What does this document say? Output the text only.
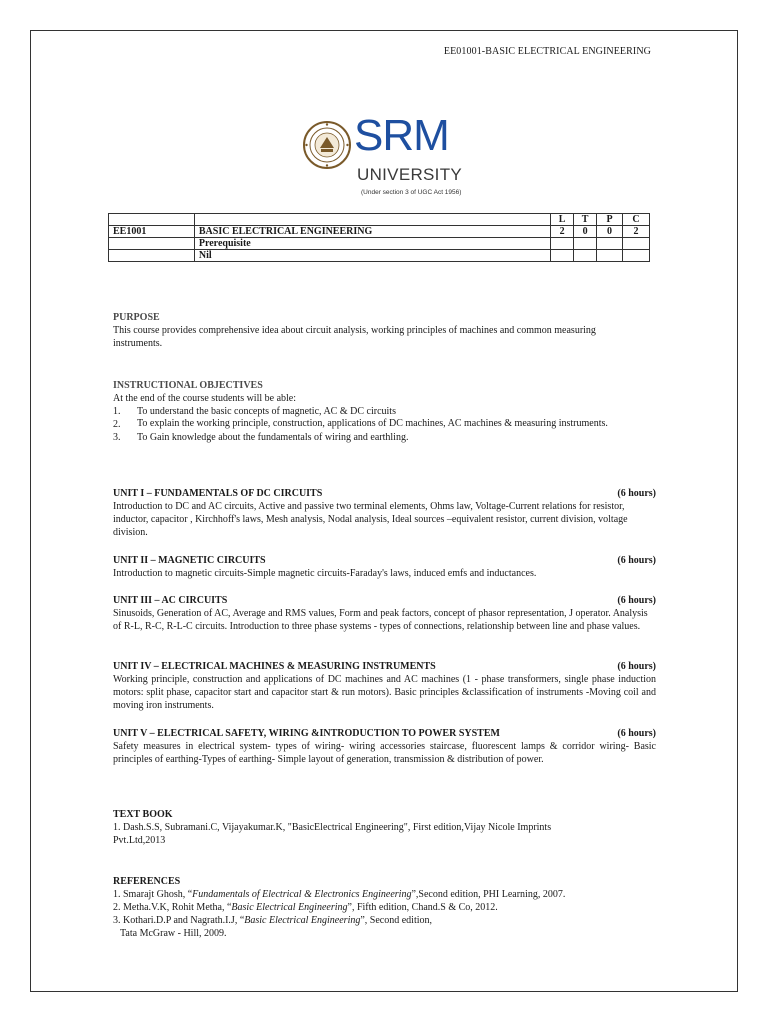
EE01001-BASIC ELECTRICAL ENGINEERING
SRM
UNIVERSITY
(Under section 3 of UGC Act 1956)
		L	T	P	C
EE1001	BASIC ELECTRICAL ENGINEERING	2	0	0	2
	Prerequisite				
	Nil				
PURPOSE
This course provides comprehensive idea about circuit analysis, working principles of machines and common measuring instruments.
INSTRUCTIONAL OBJECTIVES
At the end of the course students will be able:
1.	To understand the basic concepts of magnetic, AC & DC circuits
2.	To explain the working principle, construction, applications of DC machines, AC machines & measuring instruments.
3.	To Gain knowledge about the fundamentals of wiring and earthling.
UNIT I – FUNDAMENTALS OF DC CIRCUITS	(6 hours)
Introduction to DC and AC circuits, Active and passive two terminal elements, Ohms law, Voltage-Current relations for resistor, inductor, capacitor , Kirchhoff's laws, Mesh analysis, Nodal analysis, Ideal sources –equivalent resistor, current division, voltage division.
UNIT II – MAGNETIC CIRCUITS	(6 hours)
Introduction to magnetic circuits-Simple magnetic circuits-Faraday's laws, induced emfs and inductances.
UNIT III – AC CIRCUITS	(6 hours)
Sinusoids, Generation of AC, Average and RMS values, Form and peak factors, concept of phasor representation, J operator. Analysis of R-L, R-C, R-L-C circuits. Introduction to three phase systems - types of connections, relationship between line and phase values.
UNIT IV – ELECTRICAL MACHINES & MEASURING INSTRUMENTS	(6 hours)
Working principle, construction and applications of DC machines and AC machines (1 - phase transformers, single phase induction motors: split phase, capacitor start and capacitor start & run motors). Basic principles &classification of instruments -Moving coil and moving iron instruments.
UNIT V – ELECTRICAL SAFETY, WIRING &INTRODUCTION TO POWER SYSTEM	(6 hours)
Safety measures in electrical system- types of wiring- wiring accessories staircase, fluorescent lamps & corridor wiring- Basic principles of earthing-Types of earthing- Simple layout of generation, transmission & distribution of power.
TEXT BOOK
1. Dash.S.S, Subramani.C, Vijayakumar.K, "BasicElectrical Engineering", First edition,Vijay Nicole Imprints
Pvt.Ltd,2013
REFERENCES
1. Smarajt Ghosh, “Fundamentals of Electrical & Electronics Engineering”,Second edition, PHI Learning, 2007.
2. Metha.V.K, Rohit Metha, “Basic Electrical Engineering”, Fifth edition, Chand.S & Co, 2012.
3. Kothari.D.P and Nagrath.I.J, “Basic Electrical Engineering”, Second edition,
Tata McGraw - Hill, 2009.
